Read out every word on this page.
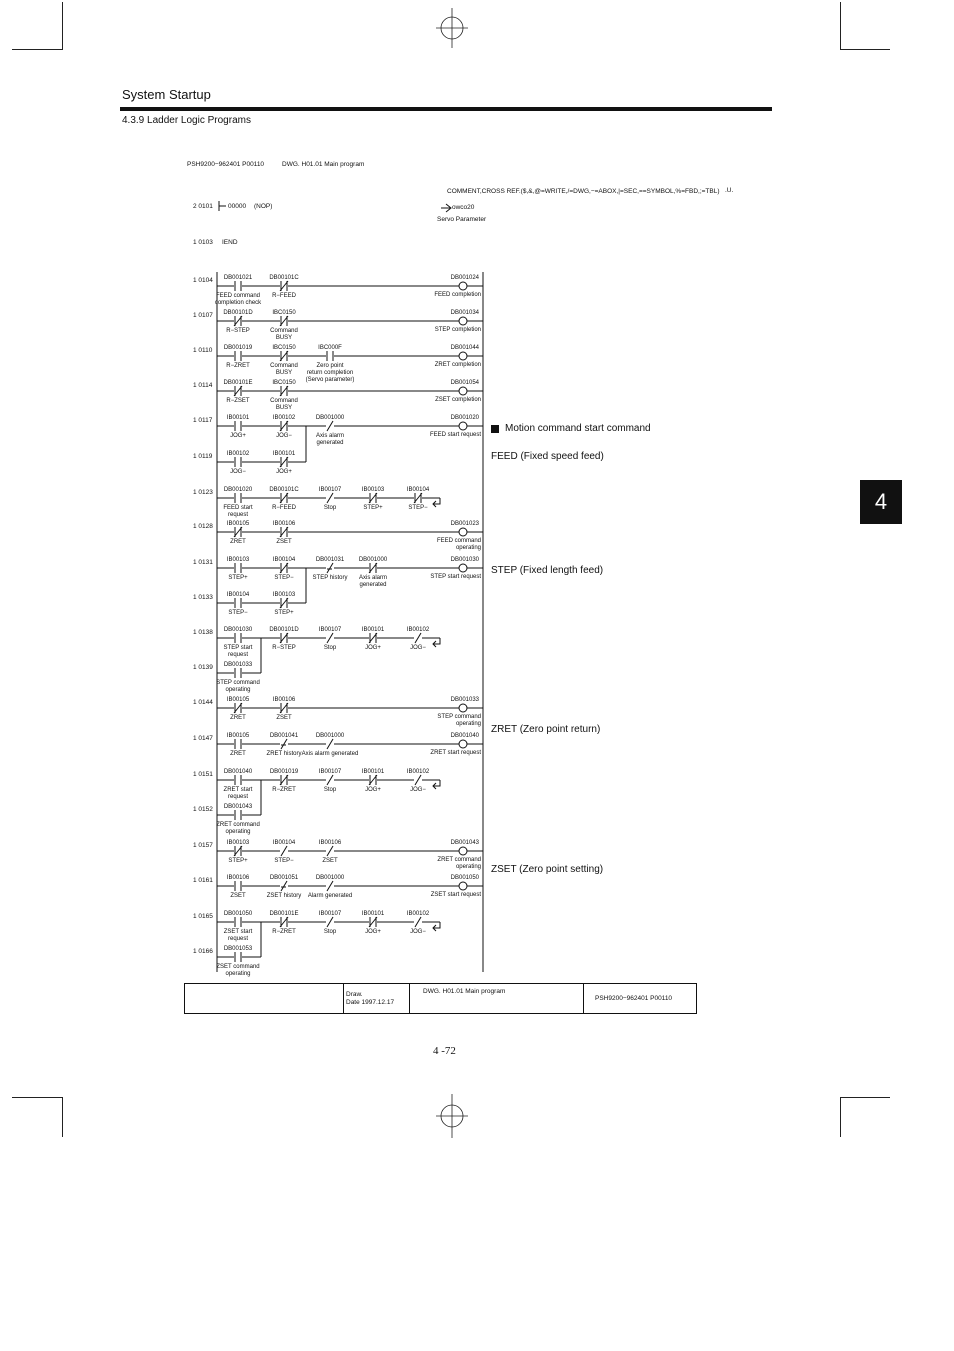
System Startup
4.3.9 Ladder Logic Programs
4
PSH9200−962401 P00110	DWG. H01.01 Main program
COMMENT,CROSS REF.($,&,@=WRITE,/=DWG,−=ABOX,|=SEC,==SYMBOL,%=FBD,;=TBL) .U.
2 0101 00000 (NOP)	owco20
Servo Parameter
1 0103 IEND
1 0104 DB001021
FEED command
completion check
DB00101C
R−FEED
DB001024
FEED completion
1 0107 DB00101D
R−STEP
IBC0150
Command
BUSY
DB001034
STEP completion
1 0110 DB001019
R−ZRET
IBC0150
Command
BUSY
IBC000F
Zero point
return completion
(Servo parameter)
DB001044
ZRET completion
1 0114 DB00101E
R−ZSET
IBC0150
Command
BUSY
DB001054
ZSET completion
1 0117 IB00101
JOG+
IB00102
JOG−
DB001000
Axis alarm
generated
DB001020
FEED start request
1 0119 IB00102
JOG−
IB00101
JOG+
1 0123 DB001020
FEED start
request
DB00101C
R−FEED
IB00107
Stop
IB00103
STEP+
IB00104
STEP−
1 0128 IB00105
ZRET
IB00106
ZSET
DB001023
FEED command
operating
1 0131 IB00103
STEP+
IB00104
STEP−
DB001031
STEP history
DB001000
Axis alarm
generated
DB001030
STEP start request
1 0133 IB00104
STEP−
IB00103
STEP+
1 0138 DB001030
STEP start
request
DB00101D
R−STEP
IB00107
Stop
IB00101
JOG+
IB00102
JOG−
1 0139 DB001033
STEP command
operating
1 0144 IB00105
ZRET
IB00106
ZSET
DB001033
STEP command
operating
1 0147 IB00105
ZRET
DB001041
ZRET history
DB001000
Axis alarm generated
DB001040
ZRET start request
1 0151 DB001040
ZRET start
request
DB001019
R−ZRET
IB00107
Stop
IB00101
JOG+
IB00102
JOG−
1 0152 DB001043
ZRET command
operating
1 0157 IB00103
STEP+
IB00104
STEP−
IB00106
ZSET
DB001043
ZRET command
operating
1 0161 IB00106
ZSET
DB001051
ZSET history
DB001000
Alarm generated
DB001050
ZSET start request
1 0165 DB001050
ZSET start
request
DB00101E
R−ZRET
IB00107
Stop
IB00101
JOG+
IB00102
JOG−
1 0166 DB001053
ZSET command
operating
Motion command start command
FEED (Fixed speed feed)
STEP (Fixed length feed)
ZRET (Zero point return)
ZSET (Zero point setting)
Draw.
Date 1997.12.17
DWG. H01.01 Main program
PSH9200−962401 P00110
4 -72
